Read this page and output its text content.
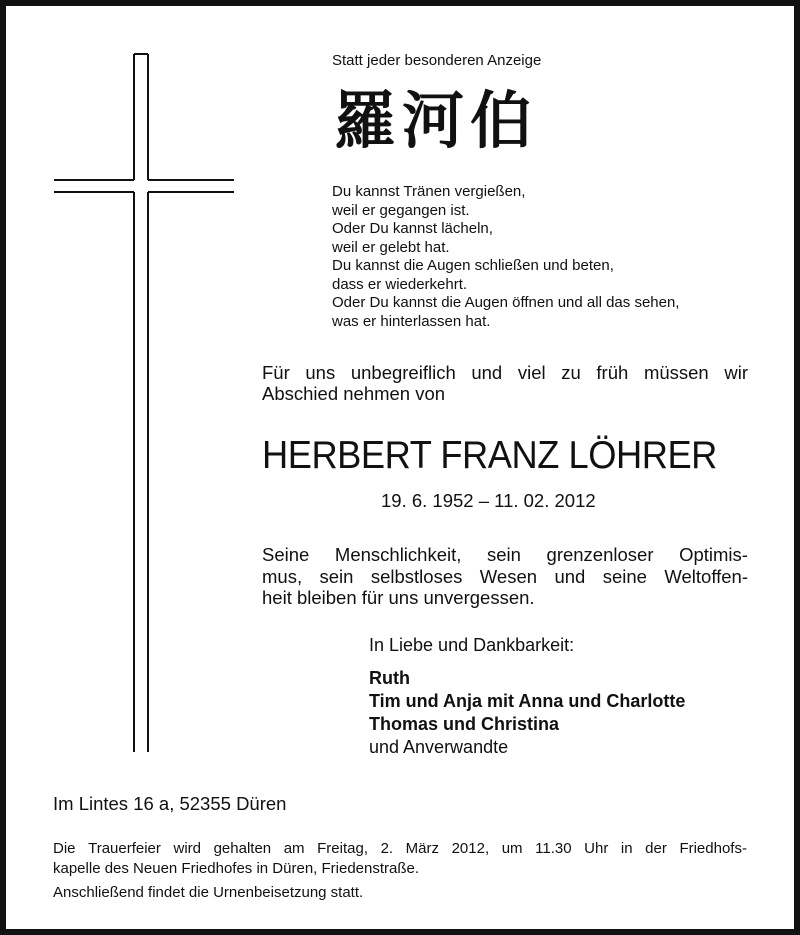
Statt jeder besonderen Anzeige
羅河伯
Du kannst Tränen vergießen,
weil er gegangen ist.
Oder Du kannst lächeln,
weil er gelebt hat.
Du kannst die Augen schließen und beten,
dass er wiederkehrt.
Oder Du kannst die Augen öffnen und all das sehen,
was er hinterlassen hat.
Für uns unbegreiflich und viel zu früh müssen wir
Abschied nehmen von
HERBERT FRANZ LÖHRER
19. 6. 1952 – 11. 02. 2012
Seine Menschlichkeit, sein grenzenloser Optimis-
mus, sein selbstloses Wesen und seine Weltoffen-
heit bleiben für uns unvergessen.
In Liebe und Dankbarkeit:
Ruth
Tim und Anja mit Anna und Charlotte
Thomas und Christina
und Anverwandte
Im Lintes 16 a, 52355 Düren
Die Trauerfeier wird gehalten am Freitag, 2. März 2012, um 11.30 Uhr in der Friedhofs-
kapelle des Neuen Friedhofes in Düren, Friedenstraße.
Anschließend findet die Urnenbeisetzung statt.
